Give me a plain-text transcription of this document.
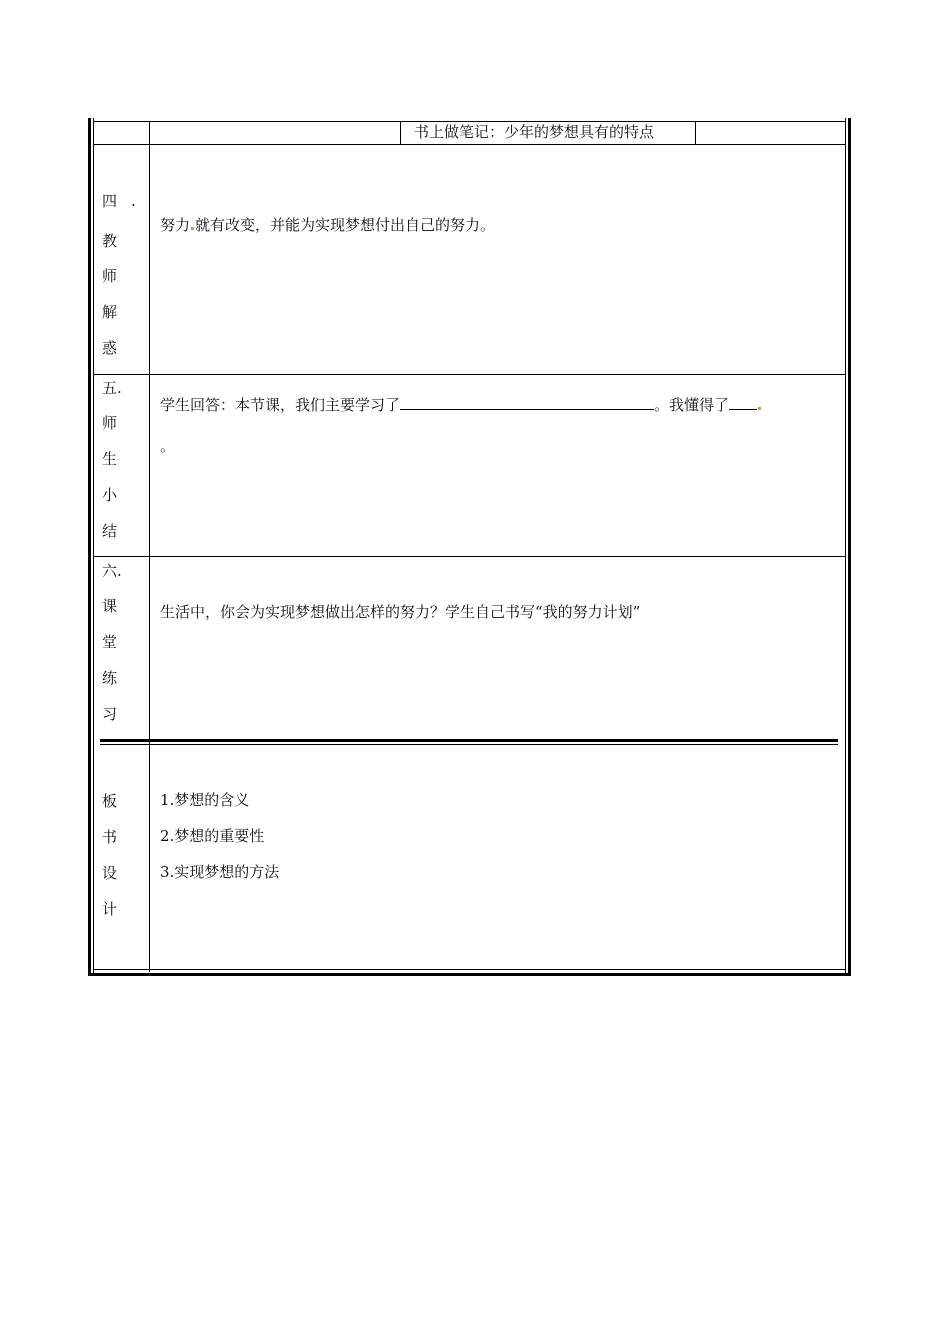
书上做笔记：少年的梦想具有的特点
四 .
教
师
解
惑
努力 就有改变，并能为实现梦想付出自己的努力。
五.
师
生
小
结
学生回答：本节课，我们主要学习了	。我懂得了
。
六.
课
堂
练
习
生活中，你会为实现梦想做出怎样的努力？学生自己书写“我的努力计划”
板
书
设
计
1.梦想的含义
2.梦想的重要性
3.实现梦想的方法
